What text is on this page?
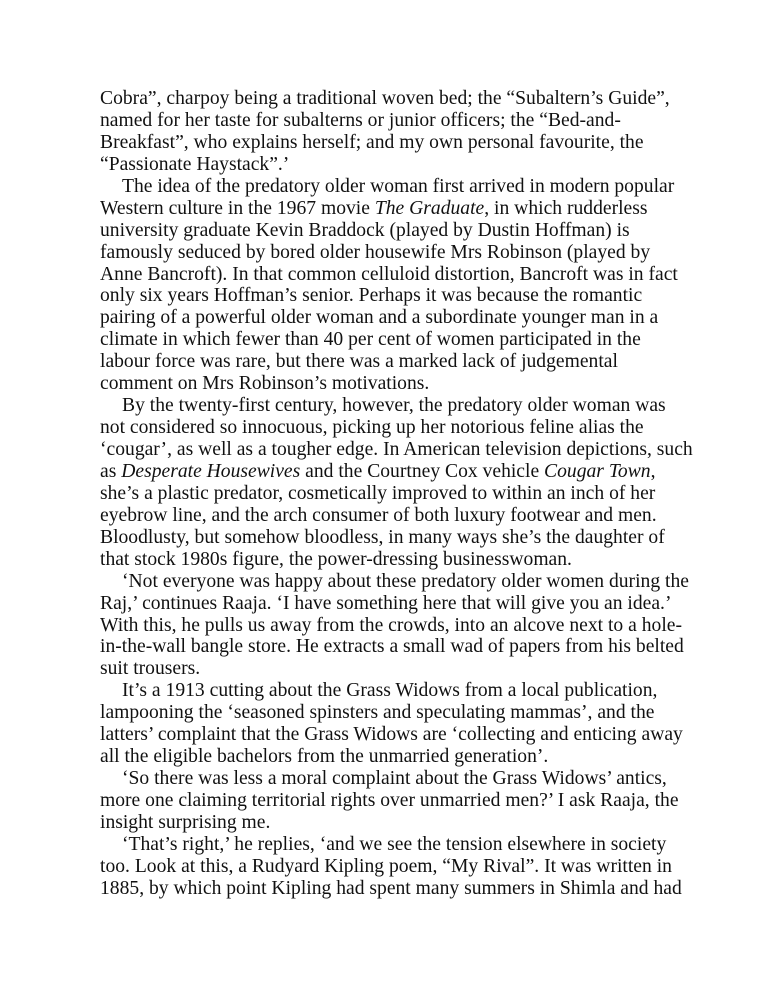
Cobra”, charpoy being a traditional woven bed; the “Subaltern’s Guide”,
named for her taste for subalterns or junior officers; the “Bed-and-
Breakfast”, who explains herself; and my own personal favourite, the
“Passionate Haystack”.’
The idea of the predatory older woman first arrived in modern popular
Western culture in the 1967 movie The Graduate, in which rudderless
university graduate Kevin Braddock (played by Dustin Hoffman) is
famously seduced by bored older housewife Mrs Robinson (played by
Anne Bancroft). In that common celluloid distortion, Bancroft was in fact
only six years Hoffman’s senior. Perhaps it was because the romantic
pairing of a powerful older woman and a subordinate younger man in a
climate in which fewer than 40 per cent of women participated in the
labour force was rare, but there was a marked lack of judgemental
comment on Mrs Robinson’s motivations.
By the twenty-first century, however, the predatory older woman was
not considered so innocuous, picking up her notorious feline alias the
‘cougar’, as well as a tougher edge. In American television depictions, such
as Desperate Housewives and the Courtney Cox vehicle Cougar Town,
she’s a plastic predator, cosmetically improved to within an inch of her
eyebrow line, and the arch consumer of both luxury footwear and men.
Bloodlusty, but somehow bloodless, in many ways she’s the daughter of
that stock 1980s figure, the power-dressing businesswoman.
‘Not everyone was happy about these predatory older women during the
Raj,’ continues Raaja. ‘I have something here that will give you an idea.’
With this, he pulls us away from the crowds, into an alcove next to a hole-
in-the-wall bangle store. He extracts a small wad of papers from his belted
suit trousers.
It’s a 1913 cutting about the Grass Widows from a local publication,
lampooning the ‘seasoned spinsters and speculating mammas’, and the
latters’ complaint that the Grass Widows are ‘collecting and enticing away
all the eligible bachelors from the unmarried generation’.
‘So there was less a moral complaint about the Grass Widows’ antics,
more one claiming territorial rights over unmarried men?’ I ask Raaja, the
insight surprising me.
‘That’s right,’ he replies, ‘and we see the tension elsewhere in society
too. Look at this, a Rudyard Kipling poem, “My Rival”. It was written in
1885, by which point Kipling had spent many summers in Shimla and had
